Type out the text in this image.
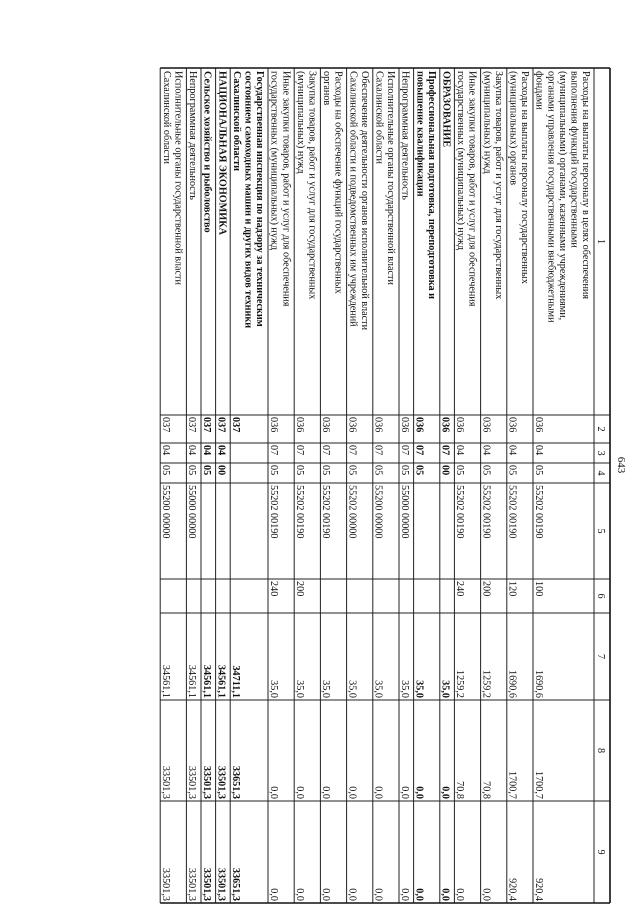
643
1
2
3
4
5
6
7
8
9
Расходы на выплаты персоналу в целях обеспечения
выполнения функций государственными
(муниципальными) органами, казенными учреждениями,
органами управления государственными внебюджетными
фондами
036
04
05
55202 00190
100
1690,6
1700,7
920,4
Расходы на выплаты персоналу государственных
(муниципальных) органов
036
04
05
55202 00190
120
1690,6
1700,7
920,4
Закупка товаров, работ и услуг для государственных
(муниципальных) нужд
036
04
05
55202 00190
200
1259,2
70,8
0,0
Иные закупки товаров, работ и услуг для обеспечения
государственных (муниципальных) нужд
036
04
05
55202 00190
240
1259,2
70,8
0,0
ОБРАЗОВАНИЕ
036
07
00
35,0
0,0
0,0
Профессиональная подготовка, переподготовка и
повышение квалификации
036
07
05
35,0
0,0
0,0
Непрограммная деятельность
036
07
05
55000 00000
35,0
0,0
0,0
Исполнительные органы государственной власти
Сахалинской области
036
07
05
55200 00000
35,0
0,0
0,0
Обеспечение деятельности органов исполнительной власти
Сахалинской области и подведомственных им учреждений
036
07
05
55202 00000
35,0
0,0
0,0
Расходы на обеспечение функций государственных
органов
036
07
05
55202 00190
35,0
0,0
0,0
Закупка товаров, работ и услуг для государственных
(муниципальных) нужд
036
07
05
55202 00190
200
35,0
0,0
0,0
Иные закупки товаров, работ и услуг для обеспечения
государственных (муниципальных) нужд
036
07
05
55202 00190
240
35,0
0,0
0,0
Государственная инспекция по надзору за техническим
состоянием самоходных машин и других видов техники
Сахалинской области
037
34711,1
33651,3
33651,3
НАЦИОНАЛЬНАЯ ЭКОНОМИКА
037
04
00
34561,1
33501,3
33501,3
Сельское хозяйство и рыболовство
037
04
05
34561,1
33501,3
33501,3
Непрограммная деятельность
037
04
05
55000 00000
34561,1
33501,3
33501,3
Исполнительные органы государственной власти
Сахалинской области
037
04
05
55200 00000
34561,1
33501,3
33501,3
